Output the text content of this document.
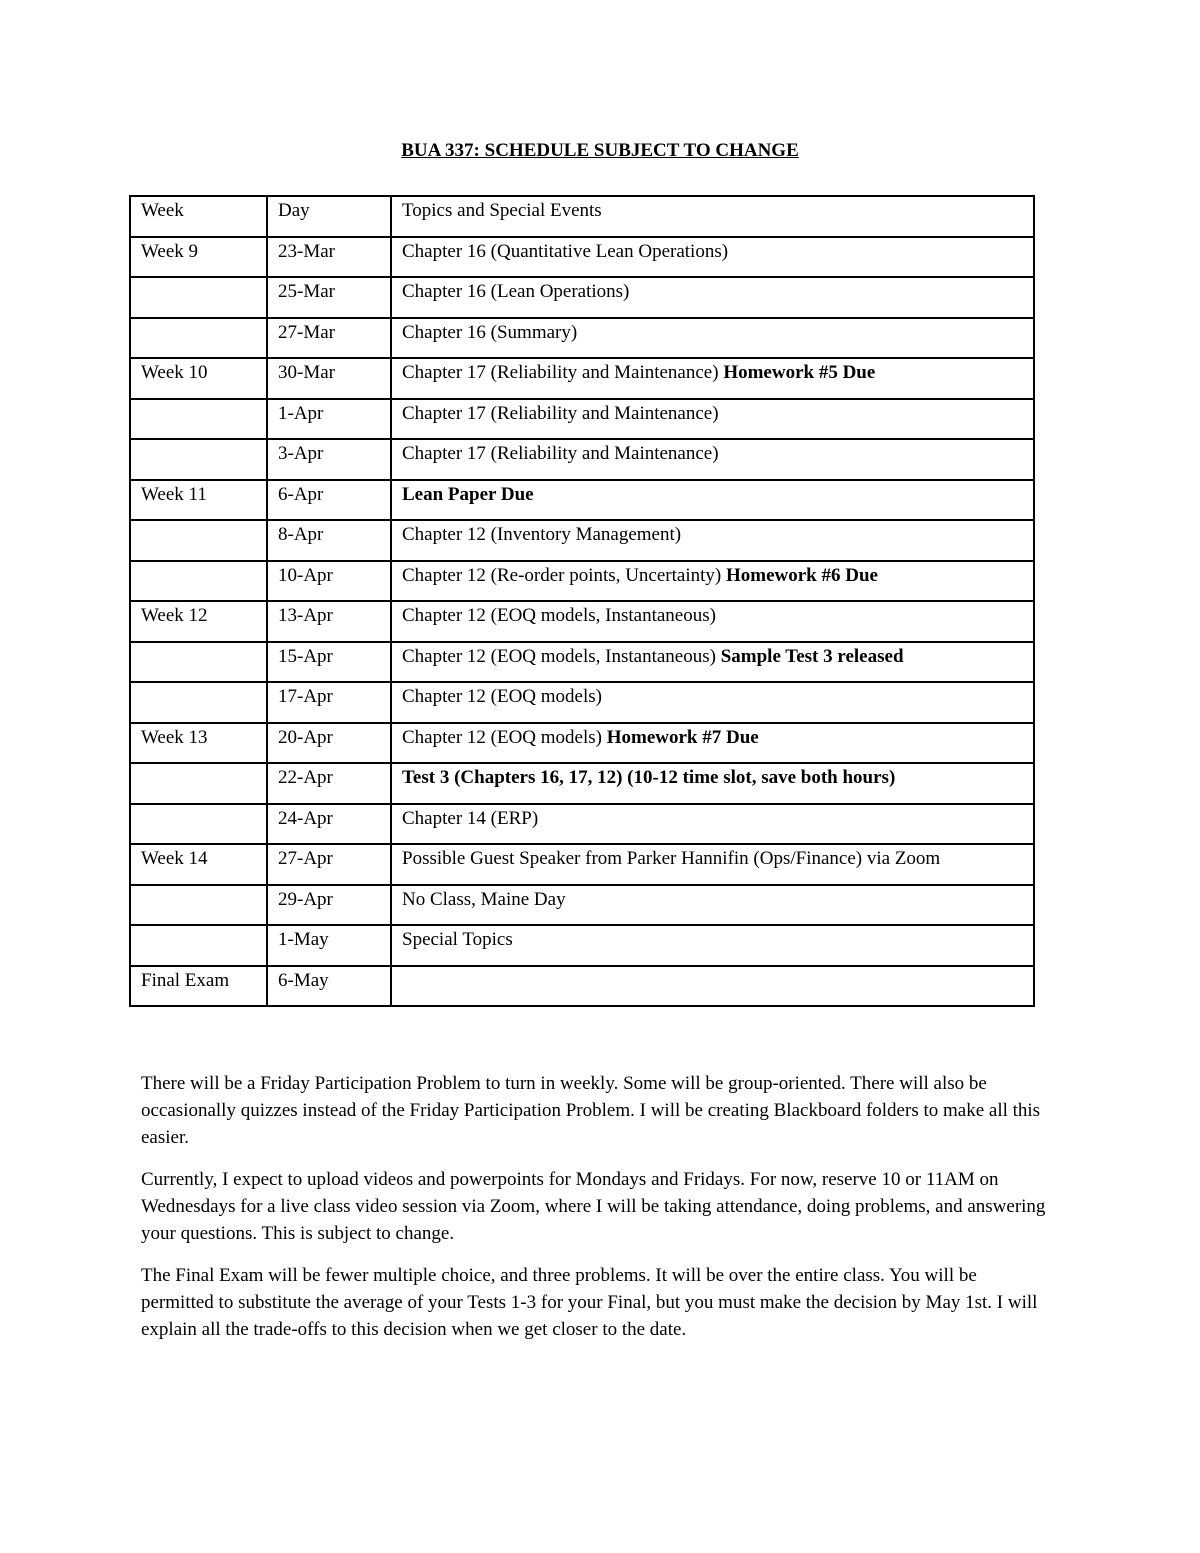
BUA 337: SCHEDULE SUBJECT TO CHANGE
Week	Day	Topics and Special Events
Week 9	23-Mar	Chapter 16 (Quantitative Lean Operations)
	25-Mar	Chapter 16 (Lean Operations)
	27-Mar	Chapter 16 (Summary)
Week 10	30-Mar	Chapter 17 (Reliability and Maintenance) Homework #5 Due
	1-Apr	Chapter 17 (Reliability and Maintenance)
	3-Apr	Chapter 17 (Reliability and Maintenance)
Week 11	6-Apr	Lean Paper Due
	8-Apr	Chapter 12 (Inventory Management)
	10-Apr	Chapter 12 (Re-order points, Uncertainty) Homework #6 Due
Week 12	13-Apr	Chapter 12 (EOQ models, Instantaneous)
	15-Apr	Chapter 12 (EOQ models, Instantaneous) Sample Test 3 released
	17-Apr	Chapter 12 (EOQ models)
Week 13	20-Apr	Chapter 12 (EOQ models) Homework #7 Due
	22-Apr	Test 3 (Chapters 16, 17, 12) (10-12 time slot, save both hours)
	24-Apr	Chapter 14 (ERP)
Week 14	27-Apr	Possible Guest Speaker from Parker Hannifin (Ops/Finance) via Zoom
	29-Apr	No Class, Maine Day
	1-May	Special Topics
Final Exam	6-May	

There will be a Friday Participation Problem to turn in weekly. Some will be group-oriented. There will also be occasionally quizzes instead of the Friday Participation Problem. I will be creating Blackboard folders to make all this easier.

Currently, I expect to upload videos and powerpoints for Mondays and Fridays. For now, reserve 10 or 11AM on Wednesdays for a live class video session via Zoom, where I will be taking attendance, doing problems, and answering your questions. This is subject to change.

The Final Exam will be fewer multiple choice, and three problems. It will be over the entire class. You will be permitted to substitute the average of your Tests 1-3 for your Final, but you must make the decision by May 1st. I will explain all the trade-offs to this decision when we get closer to the date.
